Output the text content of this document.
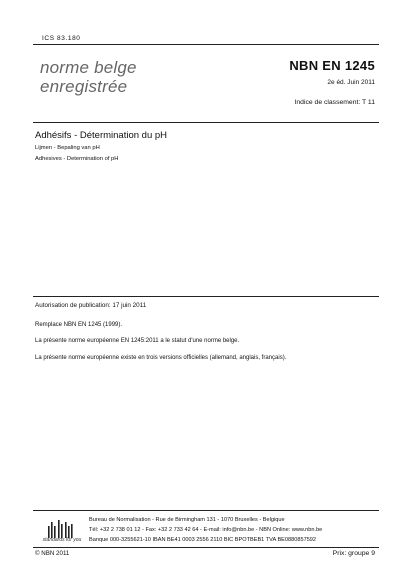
ICS 83.180
norme belge
enregistrée
NBN EN 1245
2e éd. Juin 2011
Indice de classement: T 11
Adhésifs - Détermination du pH
Lijmen - Bepaling van pH
Adhesives - Determination of pH
Autorisation de publication: 17 juin 2011
Remplace NBN EN 1245 (1999).
La présente norme européenne EN 1245:2011 a le statut d'une norme belge.
La présente norme européenne existe en trois versions officielles (allemand, anglais, français).
standards for you
Bureau de Normalisation - Rue de Birmingham 131 - 1070 Bruxelles - Belgique
Tél: +32 2 738 01 12 - Fax: +32 2 733 42 64 - E-mail: info@nbn.be - NBN Online: www.nbn.be
Banque 000-3255621-10 IBAN BE41 0003 2556 2110 BIC BPOTBEB1 TVA BE0880857592
© NBN 2011	Prix: groupe 9
